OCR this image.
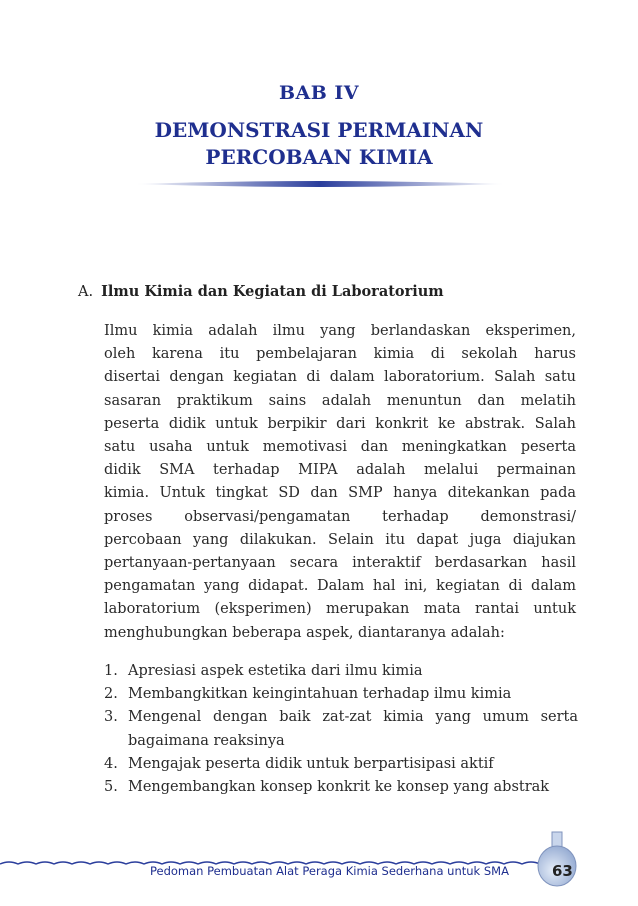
BAB IV
DEMONSTRASI PERMAINAN
PERCOBAAN KIMIA
A. Ilmu Kimia dan Kegiatan di Laboratorium
Ilmu kimia adalah ilmu yang berlandaskan eksperimen,
oleh karena itu pembelajaran kimia di sekolah harus
disertai dengan kegiatan di dalam laboratorium. Salah satu
sasaran praktikum sains adalah menuntun dan melatih
peserta didik untuk berpikir dari konkrit ke abstrak. Salah
satu usaha untuk memotivasi dan meningkatkan peserta
didik SMA terhadap MIPA adalah melalui permainan
kimia. Untuk tingkat SD dan SMP hanya ditekankan pada
proses observasi/pengamatan terhadap demonstrasi/
percobaan yang dilakukan. Selain itu dapat juga diajukan
pertanyaan-pertanyaan secara interaktif berdasarkan hasil
pengamatan yang didapat. Dalam hal ini, kegiatan di dalam
laboratorium (eksperimen) merupakan mata rantai untuk
menghubungkan beberapa aspek, diantaranya adalah:
1. Apresiasi aspek estetika dari ilmu kimia
2. Membangkitkan keingintahuan terhadap ilmu kimia
3. Mengenal dengan baik zat-zat kimia yang umum serta bagaimana reaksinya
4. Mengajak peserta didik untuk berpartisipasi aktif
5. Mengembangkan konsep konkrit ke konsep yang abstrak
Pedoman Pembuatan Alat Peraga Kimia Sederhana untuk SMA	63
